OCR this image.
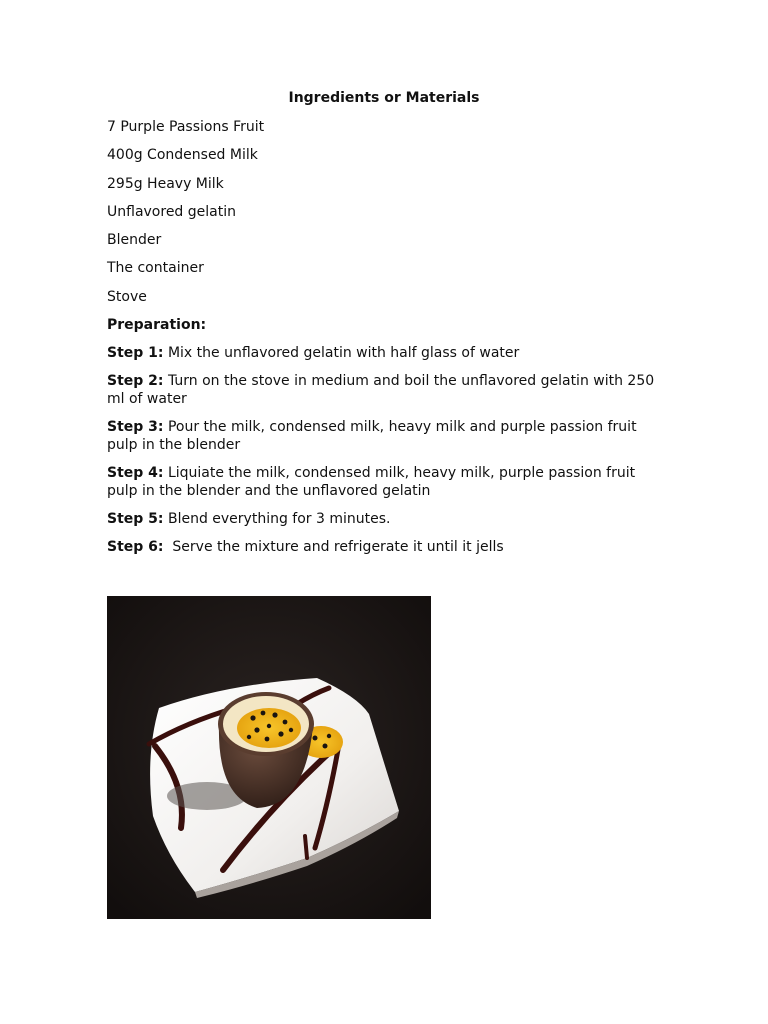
Ingredients or Materials

7 Purple Passions Fruit

400g Condensed Milk

295g Heavy Milk

Unflavored gelatin

Blender

The container

Stove

Preparation:

Step 1: Mix the unflavored gelatin with half glass of water

Step 2: Turn on the stove in medium and boil the unflavored gelatin with 250 ml of water

Step 3: Pour the milk, condensed milk, heavy milk and purple passion fruit pulp in the blender

Step 4: Liquiate the milk, condensed milk, heavy milk, purple passion fruit pulp in the blender and the unflavored gelatin

Step 5: Blend everything for 3 minutes.

Step 6:  Serve the mixture and refrigerate it until it jells
